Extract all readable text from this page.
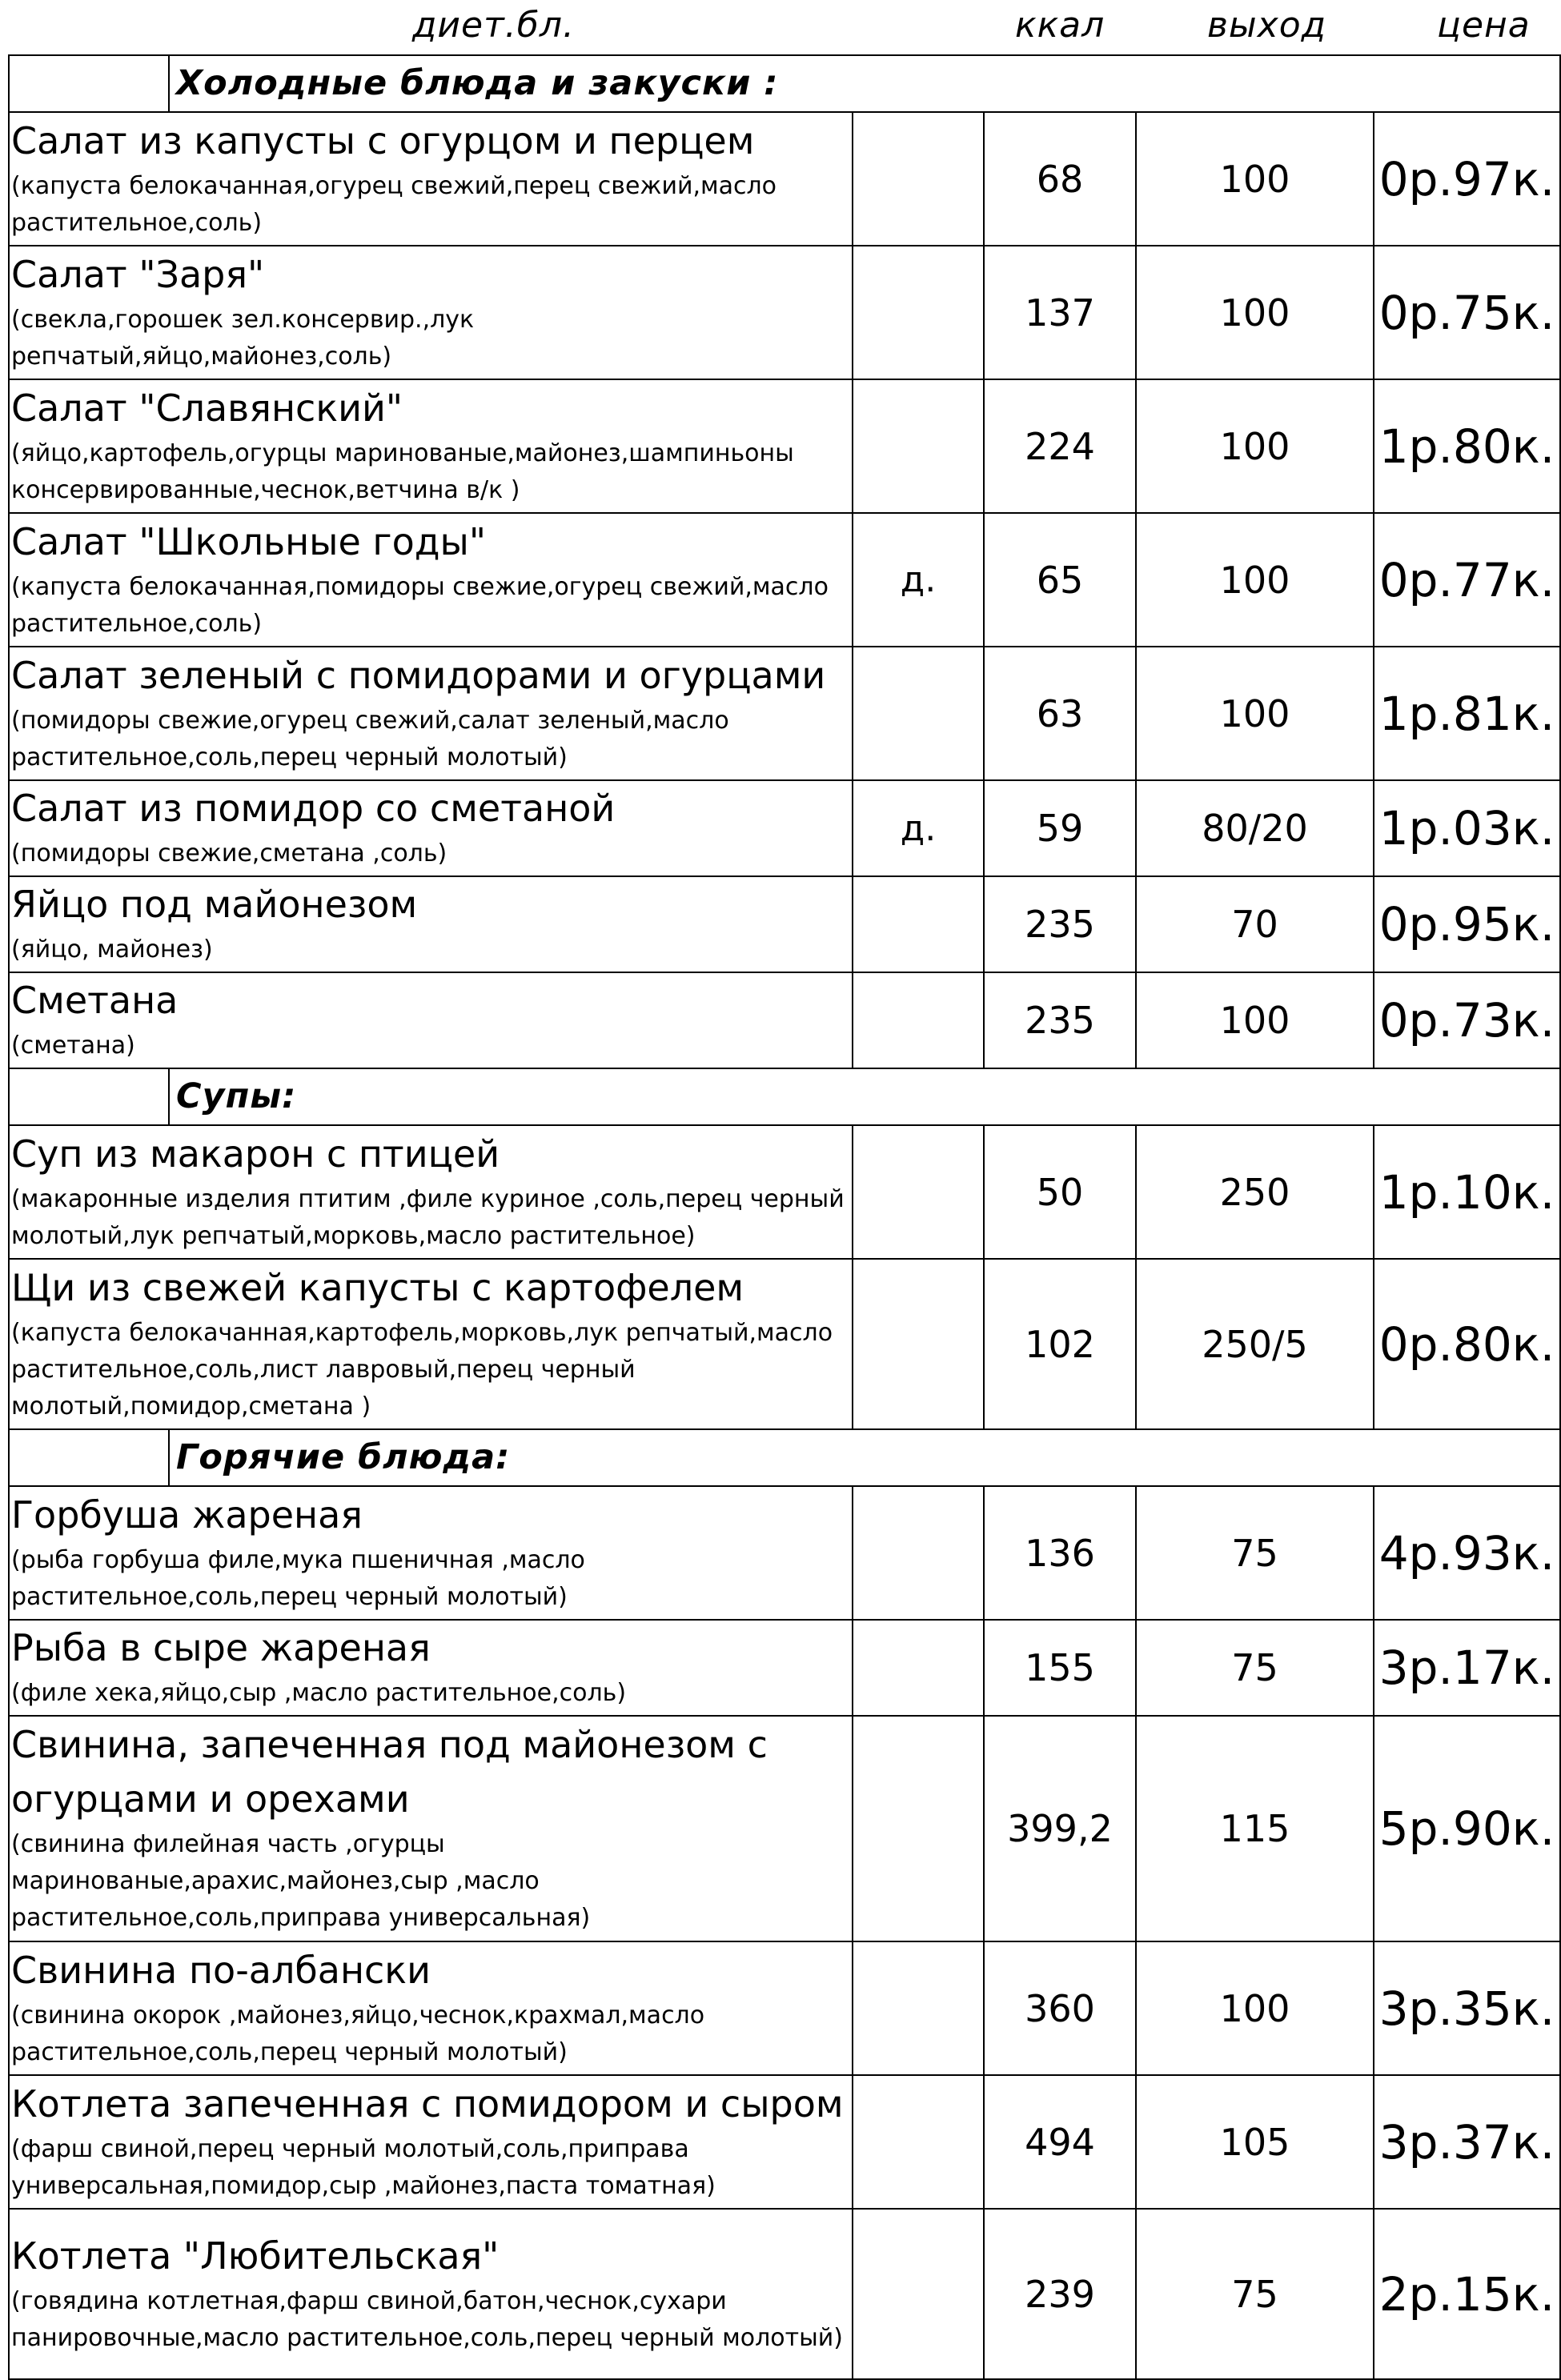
диет.бл.	ккал	выход	цена
Холодные блюда и закуски :				

Салат из капусты с огурцом и перцем
(капуста белокачанная,огурец свежий,перец свежий,масло растительное,соль)		68	100	0р.97к.

Салат "Заря"
(свекла,горошек зел.консервир.,лук репчатый,яйцо,майонез,соль)		137	100	0р.75к.

Салат "Славянский"
(яйцо,картофель,огурцы маринованые,майонез,шампиньоны консервированные,чеснок,ветчина в/к )		224	100	1р.80к.

Салат "Школьные годы"
(капуста белокачанная,помидоры свежие,огурец свежий,масло растительное,соль)	д.	65	100	0р.77к.

Салат зеленый с помидорами и огурцами
(помидоры свежие,огурец свежий,салат зеленый,масло растительное,соль,перец черный молотый)		63	100	1р.81к.

Салат из помидор со сметаной
(помидоры свежие,сметана ,соль)	д.	59	80/20	1р.03к.

Яйцо под майонезом
(яйцо, майонез)		235	70	0р.95к.

Сметана
(сметана)		235	100	0р.73к.

Супы:				

Суп из макарон с птицей
(макаронные изделия птитим ,филе куриное ,соль,перец черный молотый,лук репчатый,морковь,масло растительное)		50	250	1р.10к.

Щи из свежей капусты с картофелем
(капуста белокачанная,картофель,морковь,лук репчатый,масло растительное,соль,лист лавровый,перец черный молотый,помидор,сметана )		102	250/5	0р.80к.

Горячие блюда:				

Горбуша жареная
(рыба горбуша филе,мука пшеничная ,масло растительное,соль,перец черный молотый)		136	75	4р.93к.

Рыба в сыре жареная
(филе хека,яйцо,сыр ,масло растительное,соль)		155	75	3р.17к.

Свинина, запеченная под майонезом с огурцами и орехами
(свинина филейная часть ,огурцы маринованые,арахис,майонез,сыр ,масло растительное,соль,приправа универсальная)		399,2	115	5р.90к.

Свинина по-албански
(свинина окорок ,майонез,яйцо,чеснок,крахмал,масло растительное,соль,перец черный молотый)		360	100	3р.35к.

Котлета запеченная с помидором и сыром
(фарш свиной,перец черный молотый,соль,приправа универсальная,помидор,сыр ,майонез,паста томатная)		494	105	3р.37к.

Котлета "Любительская"
(говядина котлетная,фарш свиной,батон,чеснок,сухари панировочные,масло растительное,соль,перец черный молотый)		239	75	2р.15к.
